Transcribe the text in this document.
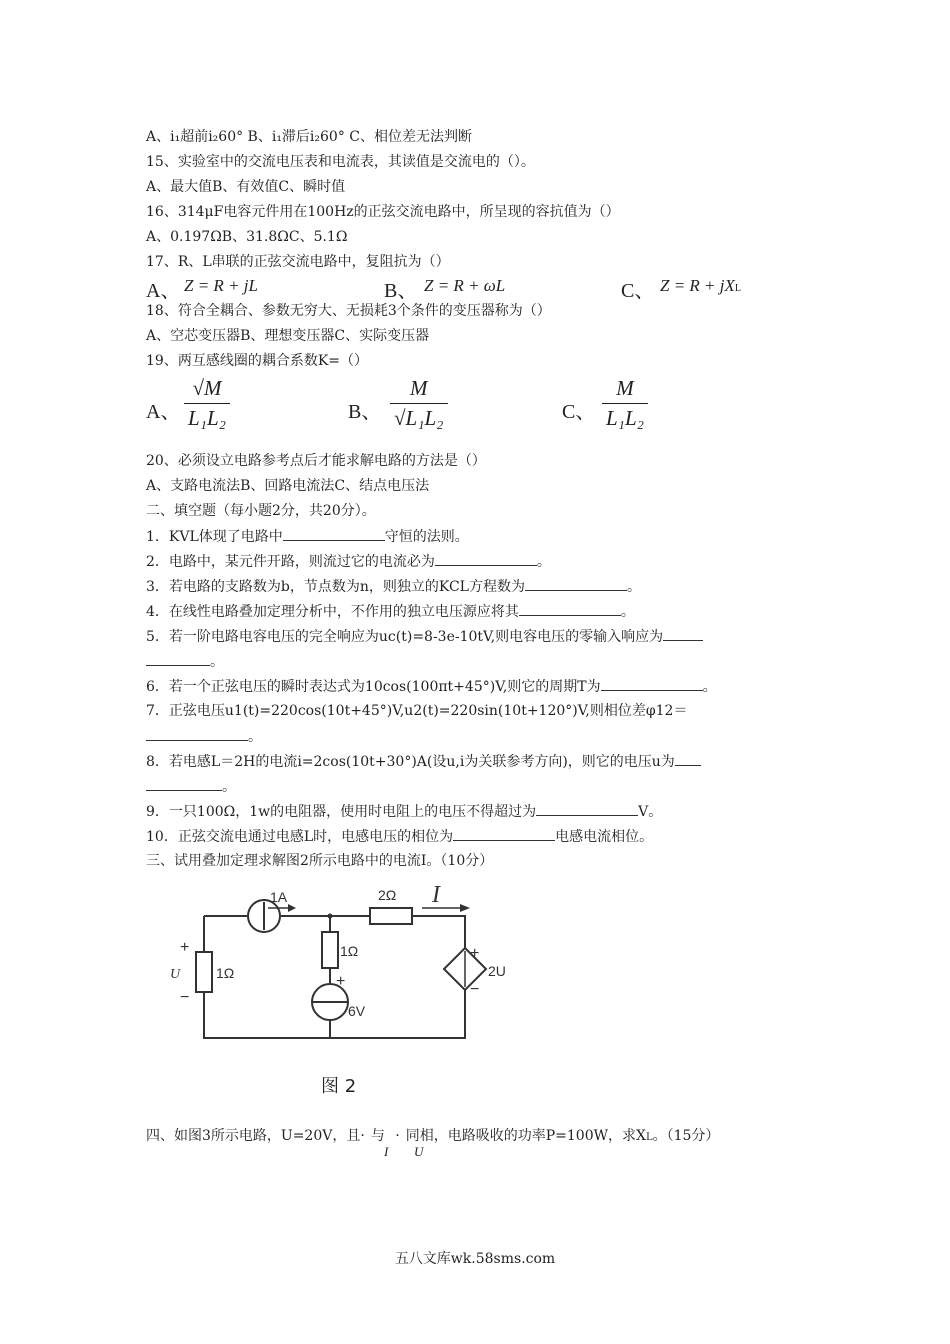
A、i₁超前i₂60° B、i₁滞后i₂60° C、相位差无法判断
15、实验室中的交流电压表和电流表，其读值是交流电的（）。
A、最大值B、有效值C、瞬时值
16、314μF电容元件用在100Hz的正弦交流电路中，所呈现的容抗值为（）
A、0.197ΩB、31.8ΩC、5.1Ω
17、R、L串联的正弦交流电路中，复阻抗为（）
A、 Z = R + jL	B、 Z = R + ωL	C、 Z = R + jXL
18、符合全耦合、参数无穷大、无损耗3个条件的变压器称为（）
A、空芯变压器B、理想变压器C、实际变压器
19、两互感线圈的耦合系数K=（）
A、 $\frac{√M}{\text{L₁L₂}}$	B、 $\frac{M}{\text{√L₁L₂}}$	C、 $\frac{M}{\text{L₁L₂}}$
20、必须设立电路参考点后才能求解电路的方法是（）
A、支路电流法B、回路电流法C、结点电压法
二、填空题（每小题2分，共20分）。
1．KVL体现了电路中	守恒的法则。
2．电路中，某元件开路，则流过它的电流必为	。
3．若电路的支路数为b，节点数为n，则独立的KCL方程数为	。
4．在线性电路叠加定理分析中，不作用的独立电压源应将其	。
5．若一阶电路电容电压的完全响应为uc(t)=8-3e-10tV,则电容电压的零输入响应为
。
6．若一个正弦电压的瞬时表达式为10cos(100πt+45°)V,则它的周期T为	。
7．正弦电压u1(t)=220cos(10t+45°)V,u2(t)=220sin(10t+120°)V,则相位差φ12＝
。
8．若电感L＝2H的电流i=2cos(10t+30°)A(设u,i为关联参考方向)，则它的电压u为
。
9．一只100Ω，1w的电阻器，使用时电阻上的电压不得超过为	V。
10．正弦交流电通过电感L时，电感电压的相位为	电感电流相位。
三、试用叠加定理求解图2所示电路中的电流I。（10分）
1A	2Ω I
1Ω
1Ω
6V
2U
U
+
−
+
+
−
图 2
四、如图3所示电路，U=20V，且·与 ·同相，电路吸收的功率P=100W，求XL。（15分）
I U
五八文库wk.58sms.com
